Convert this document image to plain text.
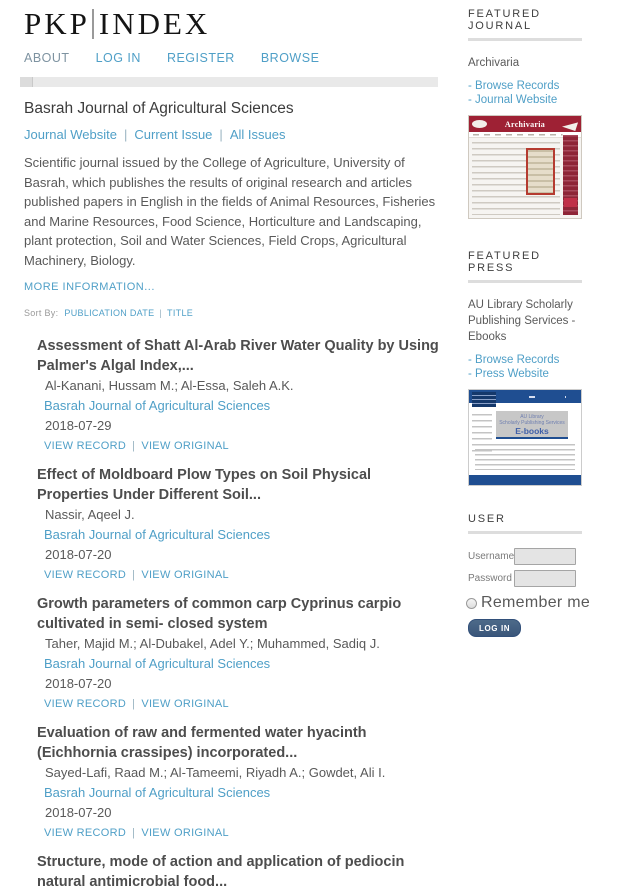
PKP INDEX
ABOUT LOG IN REGISTER BROWSE
Basrah Journal of Agricultural Sciences
Journal Website | Current Issue | All Issues

Scientific journal issued by the College of Agriculture, University of Basrah, which publishes the results of original research and articles published papers in English in the fields of Animal Resources, Fisheries and Marine Resources, Food Science, Horticulture and Landscaping, plant protection, Soil and Water Sciences, Field Crops, Agricultural Machinery, Biology.

MORE INFORMATION...
Sort By: PUBLICATION DATE | TITLE
Assessment of Shatt Al-Arab River Water Quality by Using Palmer's Algal Index,...
Al-Kanani, Hussam M.; Al-Essa, Saleh A.K.
Basrah Journal of Agricultural Sciences
2018-07-29
VIEW RECORD | VIEW ORIGINAL
Effect of Moldboard Plow Types on Soil Physical Properties Under Different Soil...
Nassir, Aqeel J.
Basrah Journal of Agricultural Sciences
2018-07-20
VIEW RECORD | VIEW ORIGINAL
Growth parameters of common carp Cyprinus carpio cultivated in semi- closed system
Taher, Majid M.; Al-Dubakel, Adel Y.; Muhammed, Sadiq J.
Basrah Journal of Agricultural Sciences
2018-07-20
VIEW RECORD | VIEW ORIGINAL
Evaluation of raw and fermented water hyacinth (Eichhornia crassipes) incorporated...
Sayed-Lafi, Raad M.; Al-Tameemi, Riyadh A.; Gowdet, Ali I.
Basrah Journal of Agricultural Sciences
2018-07-20
VIEW RECORD | VIEW ORIGINAL
Structure, mode of action and application of pediocin natural antimicrobial food...
FEATURED JOURNAL
Archivaria
- Browse Records
- Journal Website
Archivaria
FEATURED PRESS
AU Library Scholarly Publishing Services - Ebooks
- Browse Records
- Press Website
AU Library
Scholarly Publishing Services
E-books
USER
Username
Password
Remember me
LOG IN
